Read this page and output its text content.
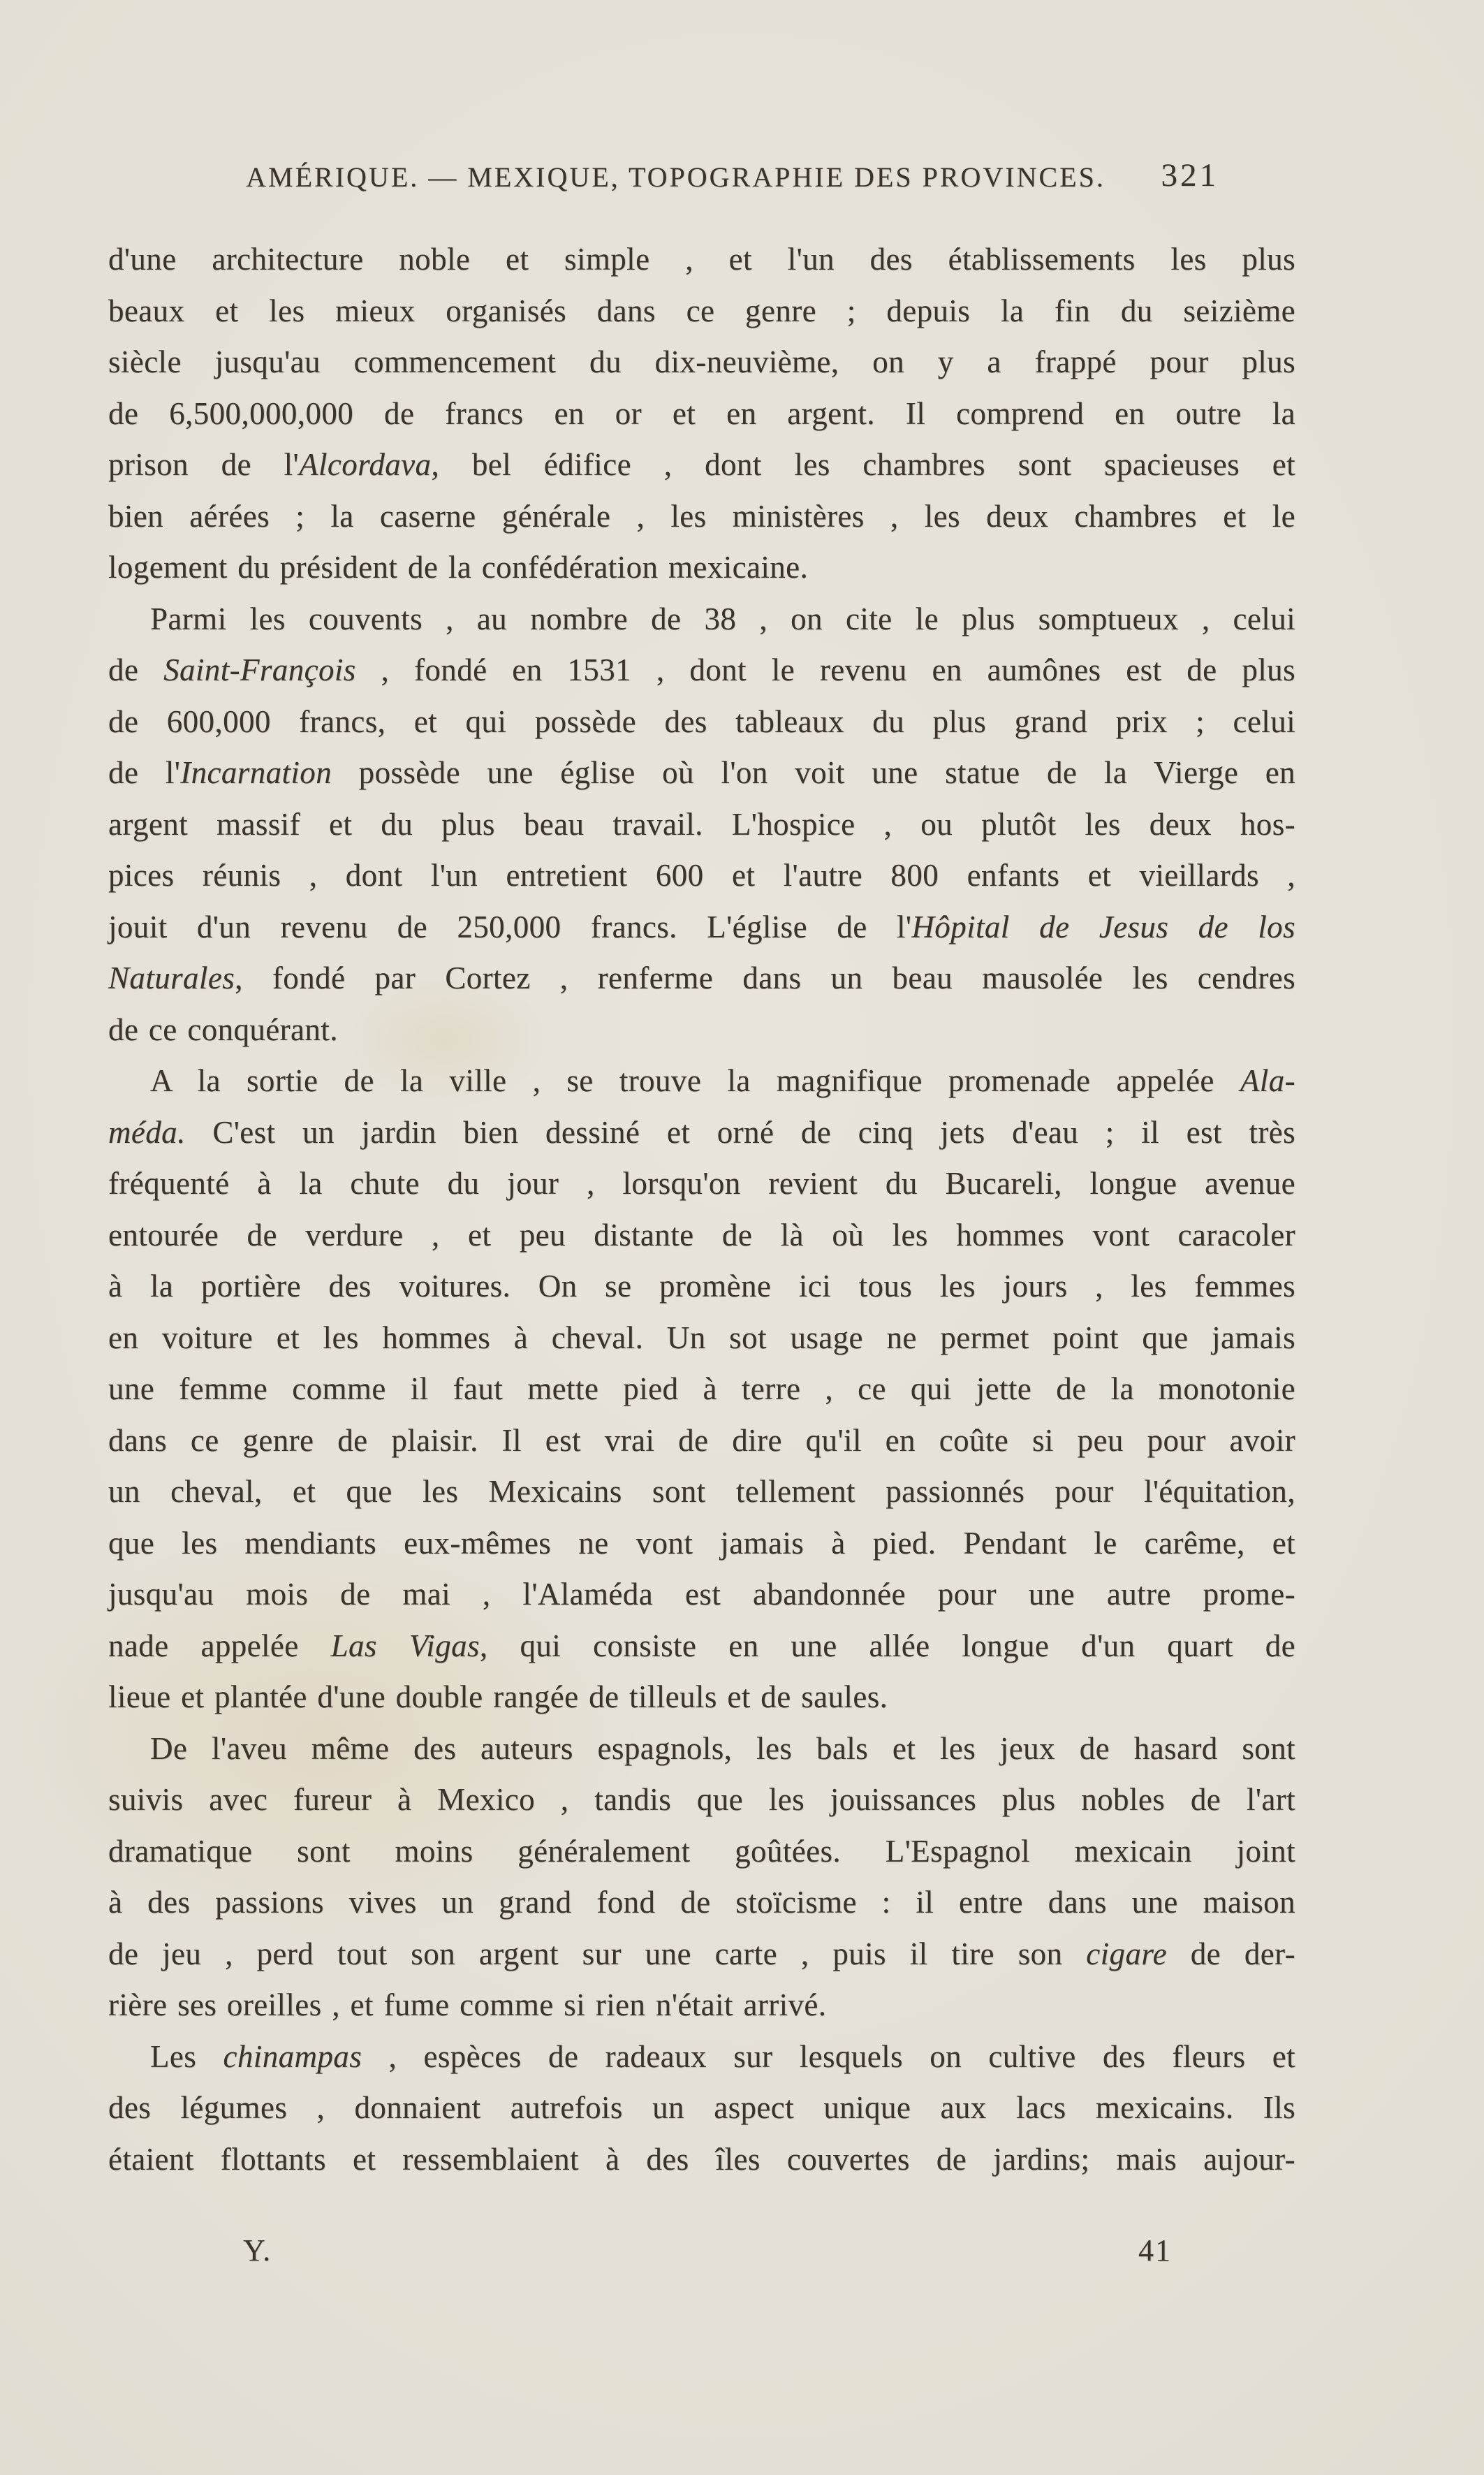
AMÉRIQUE. — MEXIQUE, TOPOGRAPHIE DES PROVINCES.	321
d'une architecture noble et simple , et l'un des établissements les plus
beaux et les mieux organisés dans ce genre ; depuis la fin du seizième
siècle jusqu'au commencement du dix-neuvième, on y a frappé pour plus
de 6,500,000,000 de francs en or et en argent. Il comprend en outre la
prison de l'Alcordava, bel édifice , dont les chambres sont spacieuses et
bien aérées ; la caserne générale , les ministères , les deux chambres et le
logement du président de la confédération mexicaine.
Parmi les couvents , au nombre de 38 , on cite le plus somptueux , celui
de Saint-François , fondé en 1531 , dont le revenu en aumônes est de plus
de 600,000 francs, et qui possède des tableaux du plus grand prix ; celui
de l'Incarnation possède une église où l'on voit une statue de la Vierge en
argent massif et du plus beau travail. L'hospice , ou plutôt les deux hos-
pices réunis , dont l'un entretient 600 et l'autre 800 enfants et vieillards ,
jouit d'un revenu de 250,000 francs. L'église de l'Hôpital de Jesus de los
Naturales, fondé par Cortez , renferme dans un beau mausolée les cendres
de ce conquérant.
A la sortie de la ville , se trouve la magnifique promenade appelée Ala-
méda. C'est un jardin bien dessiné et orné de cinq jets d'eau ; il est très
fréquenté à la chute du jour , lorsqu'on revient du Bucareli, longue avenue
entourée de verdure , et peu distante de là où les hommes vont caracoler
à la portière des voitures. On se promène ici tous les jours , les femmes
en voiture et les hommes à cheval. Un sot usage ne permet point que jamais
une femme comme il faut mette pied à terre , ce qui jette de la monotonie
dans ce genre de plaisir. Il est vrai de dire qu'il en coûte si peu pour avoir
un cheval, et que les Mexicains sont tellement passionnés pour l'équitation,
que les mendiants eux-mêmes ne vont jamais à pied. Pendant le carême, et
jusqu'au mois de mai , l'Alaméda est abandonnée pour une autre prome-
nade appelée Las Vigas, qui consiste en une allée longue d'un quart de
lieue et plantée d'une double rangée de tilleuls et de saules.
De l'aveu même des auteurs espagnols, les bals et les jeux de hasard sont
suivis avec fureur à Mexico , tandis que les jouissances plus nobles de l'art
dramatique sont moins généralement goûtées. L'Espagnol mexicain joint
à des passions vives un grand fond de stoïcisme : il entre dans une maison
de jeu , perd tout son argent sur une carte , puis il tire son cigare de der-
rière ses oreilles , et fume comme si rien n'était arrivé.
Les chinampas , espèces de radeaux sur lesquels on cultive des fleurs et
des légumes , donnaient autrefois un aspect unique aux lacs mexicains. Ils
étaient flottants et ressemblaient à des îles couvertes de jardins; mais aujour-
Y.	41
